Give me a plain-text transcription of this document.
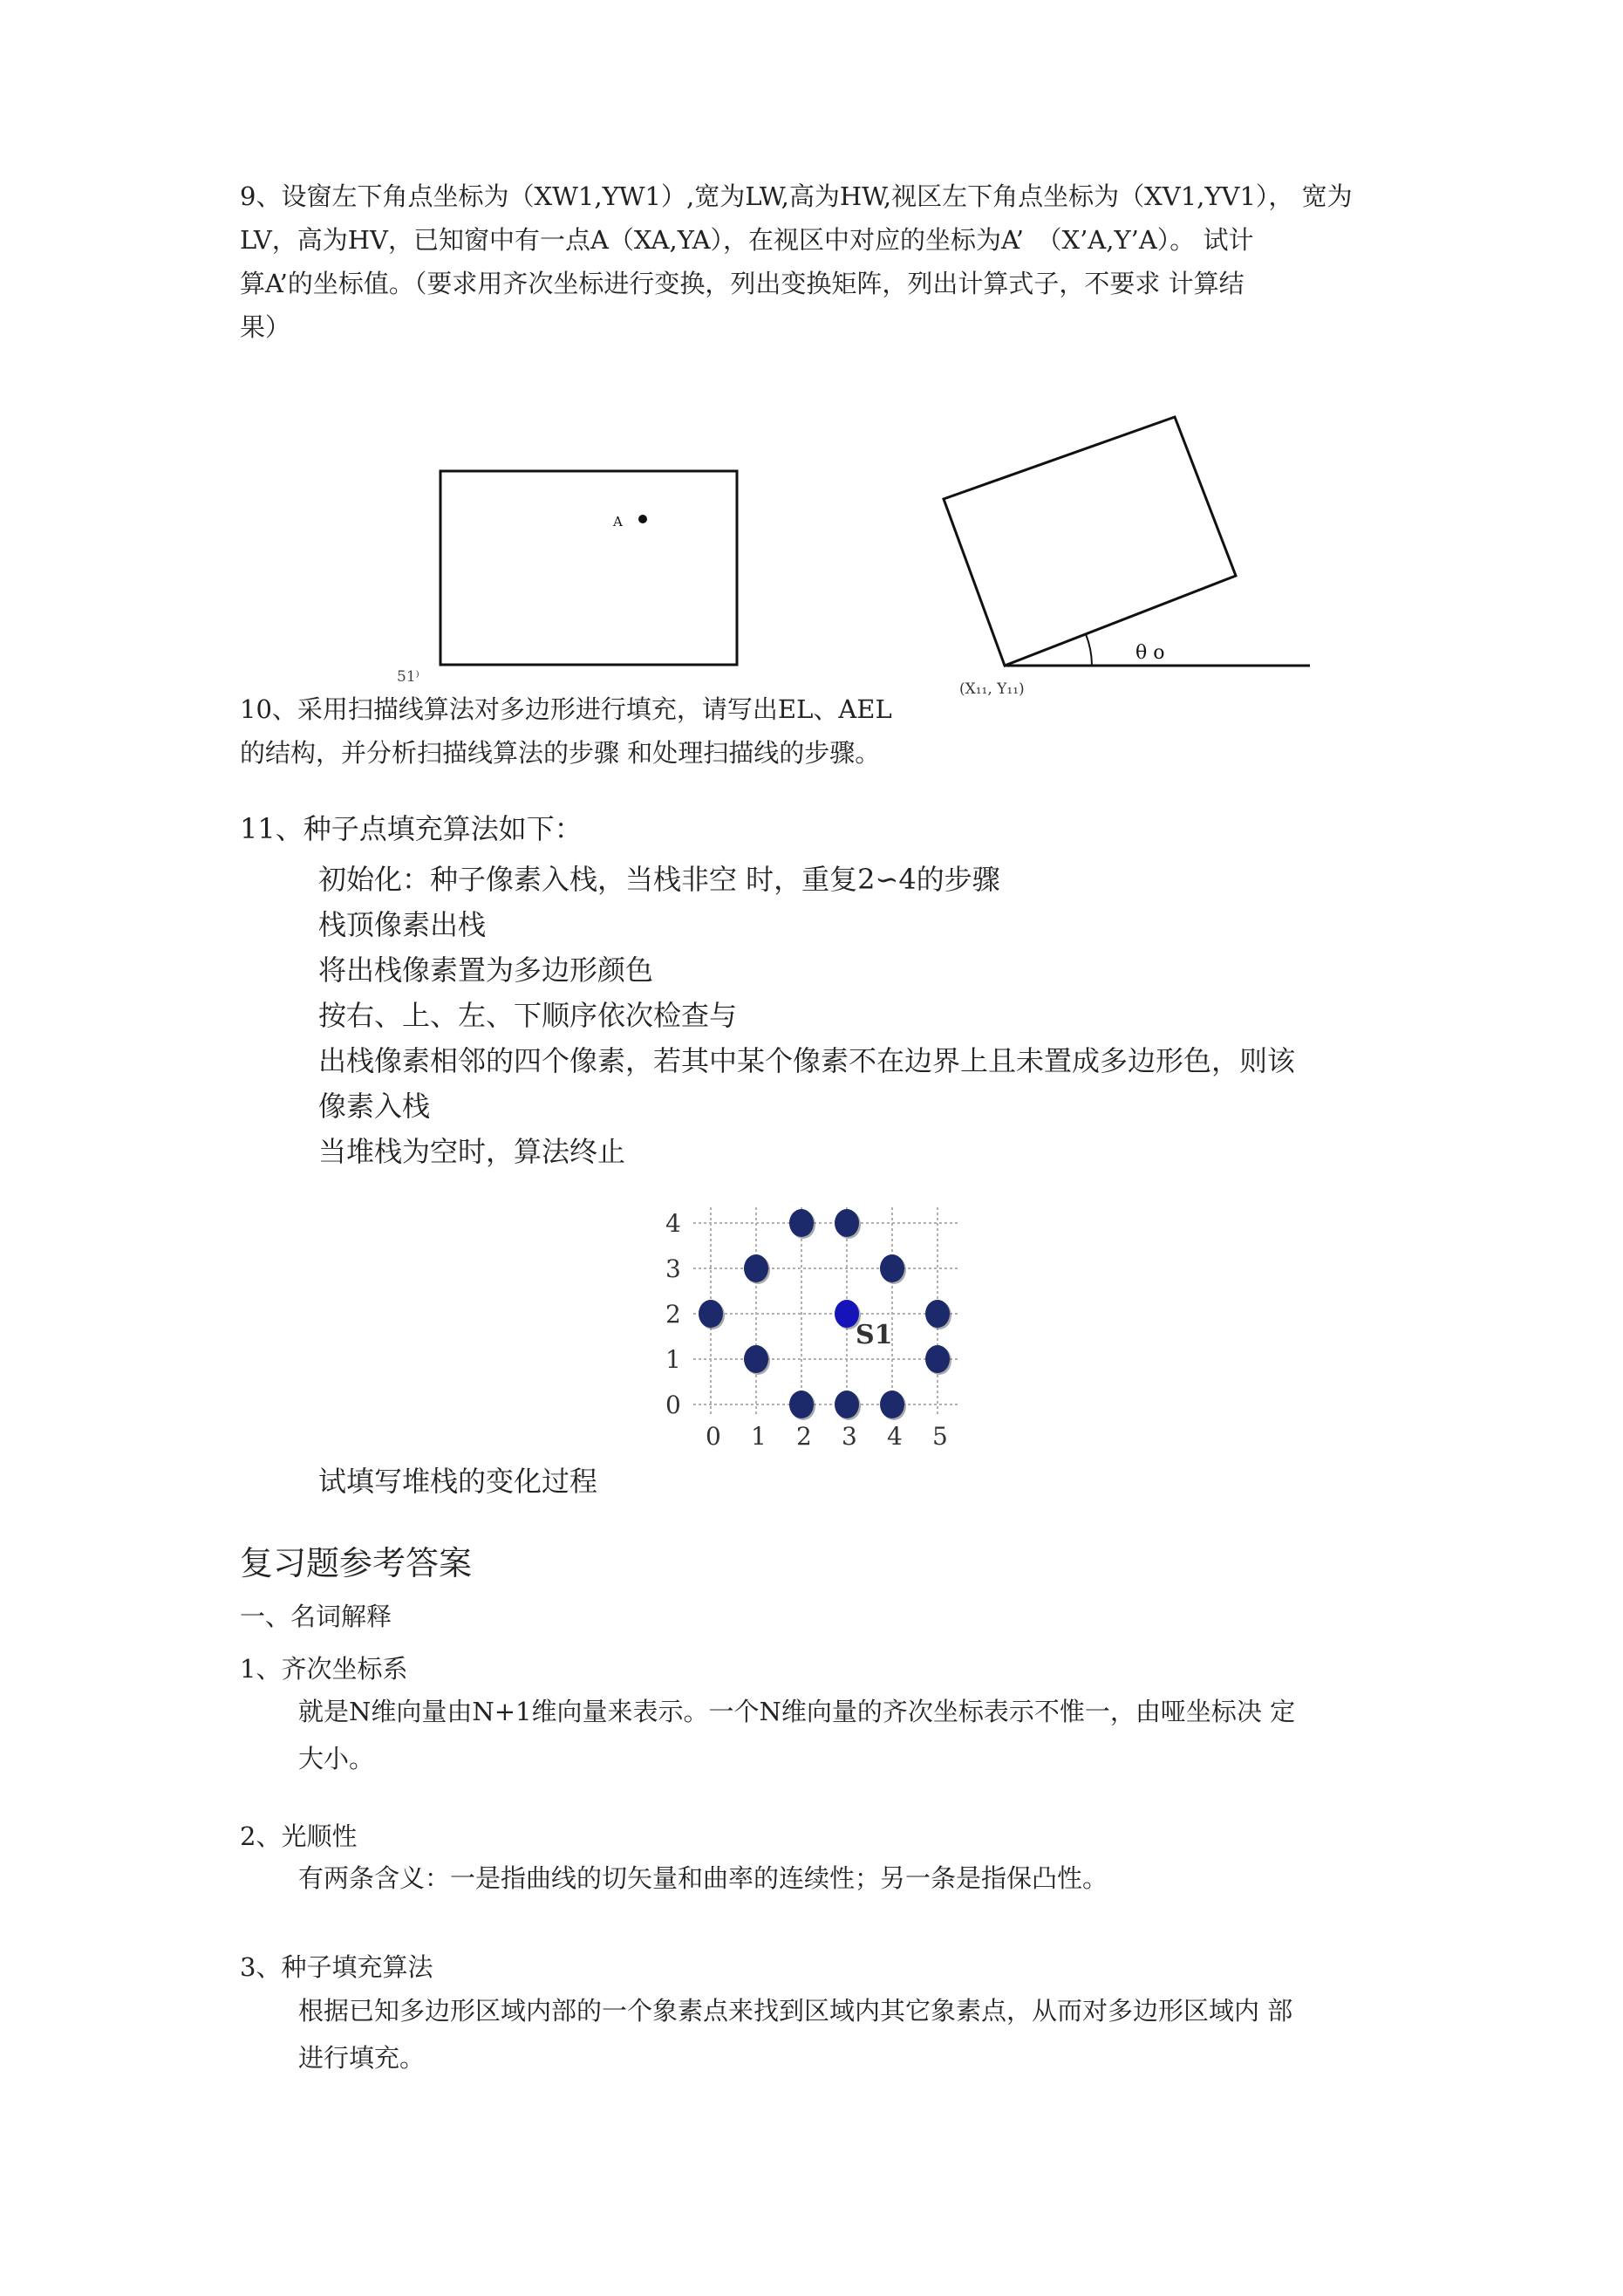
9、设窗左下角点坐标为（XW1,YW1）,宽为LW,高为HW,视区左下角点坐标为（XV1,YV1）， 宽为
LV，高为HV，已知窗中有一点A（XA,YA），在视区中对应的坐标为A’　（X’A,Y’A）。 试计
算A’的坐标值。（要求用齐次坐标进行变换，列出变换矩阵，列出计算式子，不要求 计算结
果）
A
51⁾
θ o
(X₁₁, Y₁₁)
10、采用扫描线算法对多边形进行填充，请写出EL、AEL
的结构，并分析扫描线算法的步骤 和处理扫描线的步骤。
11、种子点填充算法如下：
初始化：种子像素入栈，当栈非空 时，重复2∽4的步骤
栈顶像素出栈
将出栈像素置为多边形颜色
按右、上、左、下顺序依次检查与
出栈像素相邻的四个像素，若其中某个像素不在边界上且未置成多边形色，则该
像素入栈
当堆栈为空时，算法终止
0 1 2 3 4 5
0
1
2
3
4
S1
试填写堆栈的变化过程
复习题参考答案
一、名词解释
1、齐次坐标系
就是N维向量由N+1维向量来表示。一个N维向量的齐次坐标表示不惟一，由哑坐标决 定
大小。
2、光顺性
有两条含义：一是指曲线的切矢量和曲率的连续性；另一条是指保凸性。
3、种子填充算法
根据已知多边形区域内部的一个象素点来找到区域内其它象素点，从而对多边形区域内 部
进行填充。
